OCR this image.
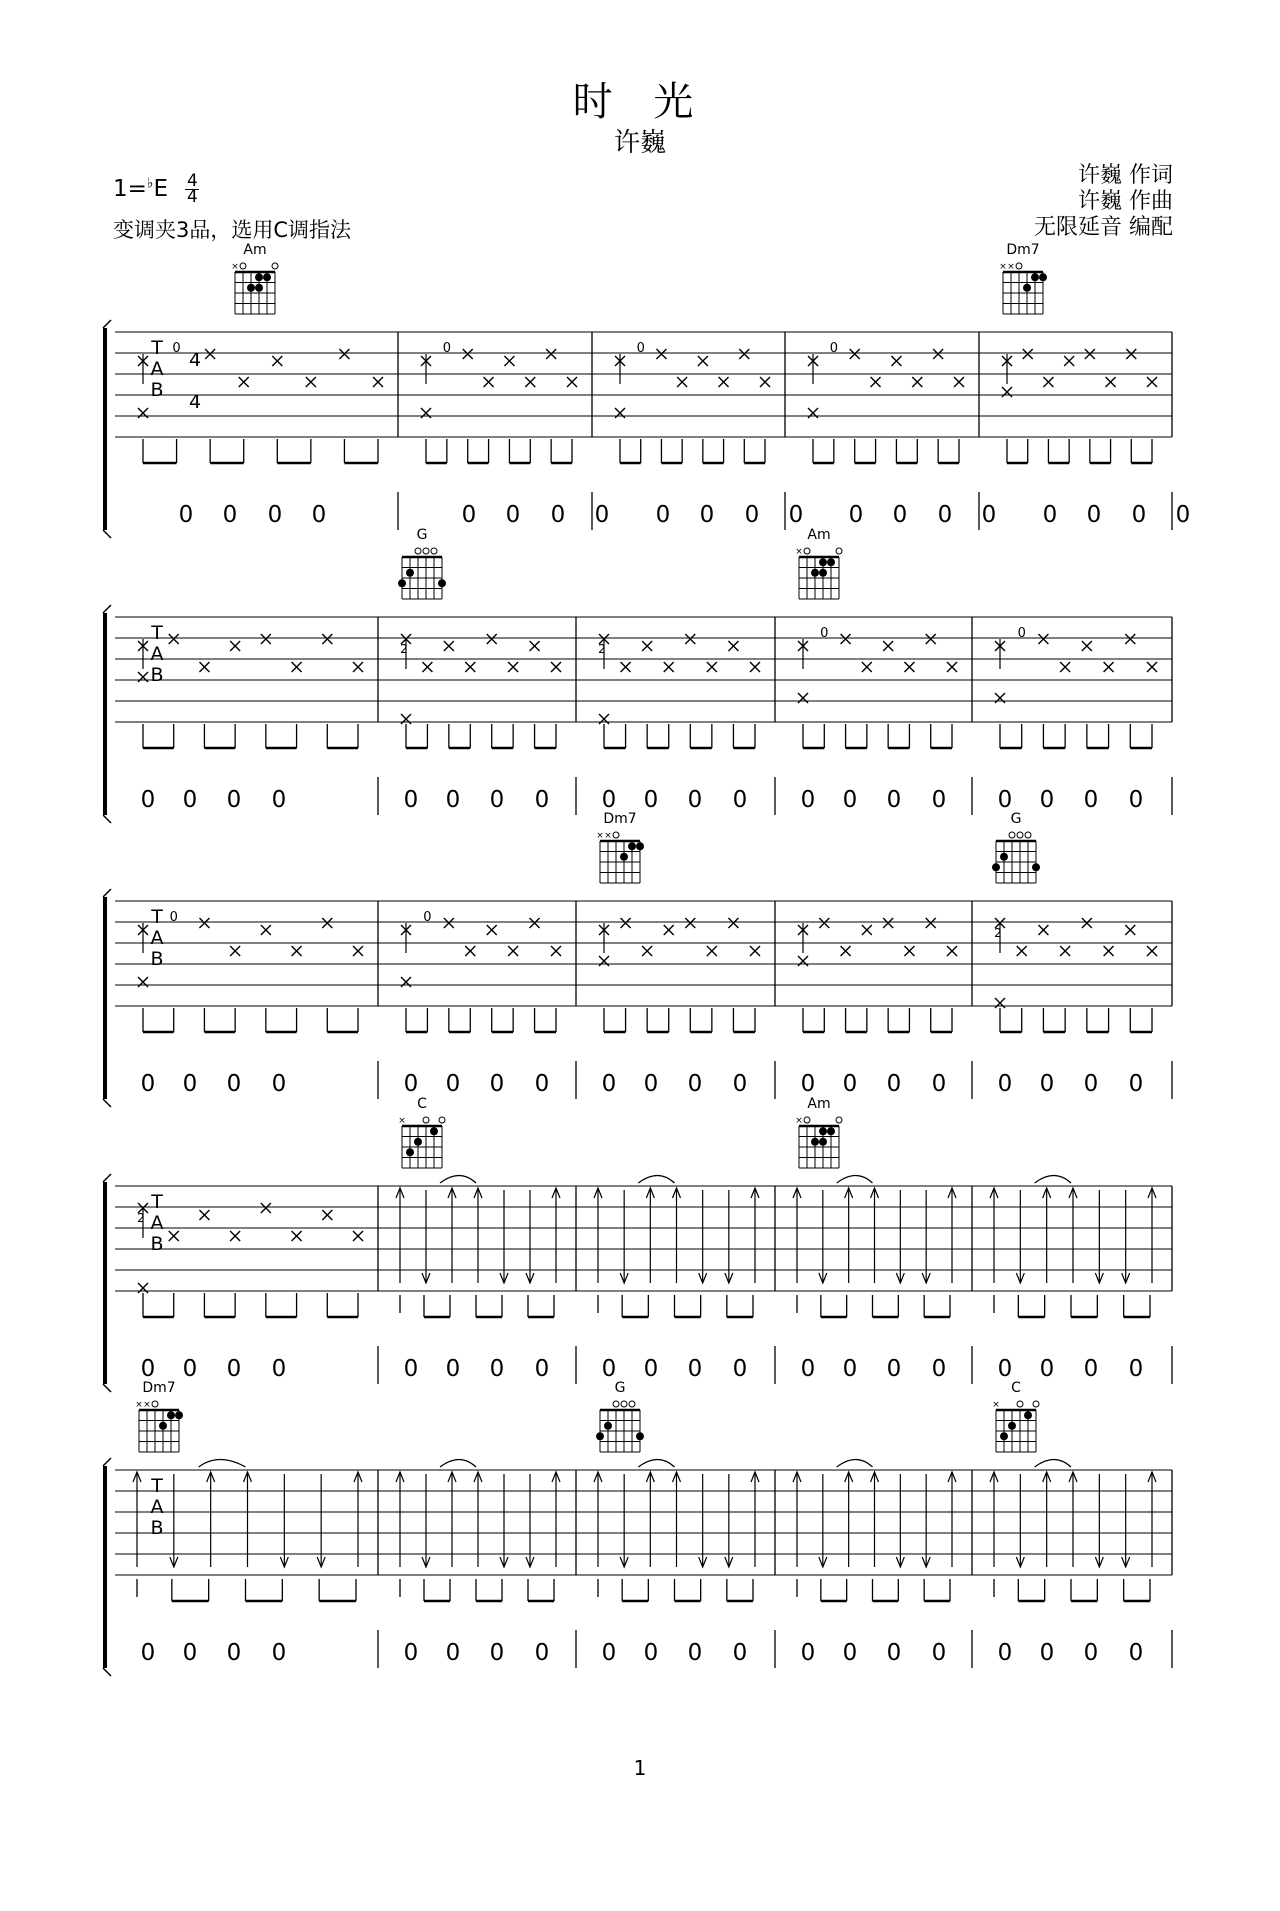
时 光
许巍
$1=^♭E \frac{4}{4}$
变调夹3品，选用C调指法
许巍 作词
许巍 作曲
无限延音 编配
T
A
B
4
4
0
0 0 0 0
0
0 0 0 0
0
0 0 0 0
0
0 0 0 0 0 0 0 0
Am
×
Dm7
× ×
T
A
B
0 0 0 0
2
0 0 0 0
2
0 0 0 0
0
0 0 0 0
0
0 0 0 0
G	Am
×
T
A
B
0
0 0 0 0
0
0 0 0 0 0 0 0 0 0 0 0 0
2
0 0 0 0
Dm7
× ×
G
T
A
B
2
0 0 0 0	0 0 0 0 0 0 0 0 0 0 0 0 0 0 0 0
C
×
Am
×
T
A
B
0 0 0 0	0 0 0 0 0 0 0 0 0 0 0 0 0 0 0 0
Dm7
× ×
G	C
×
1
